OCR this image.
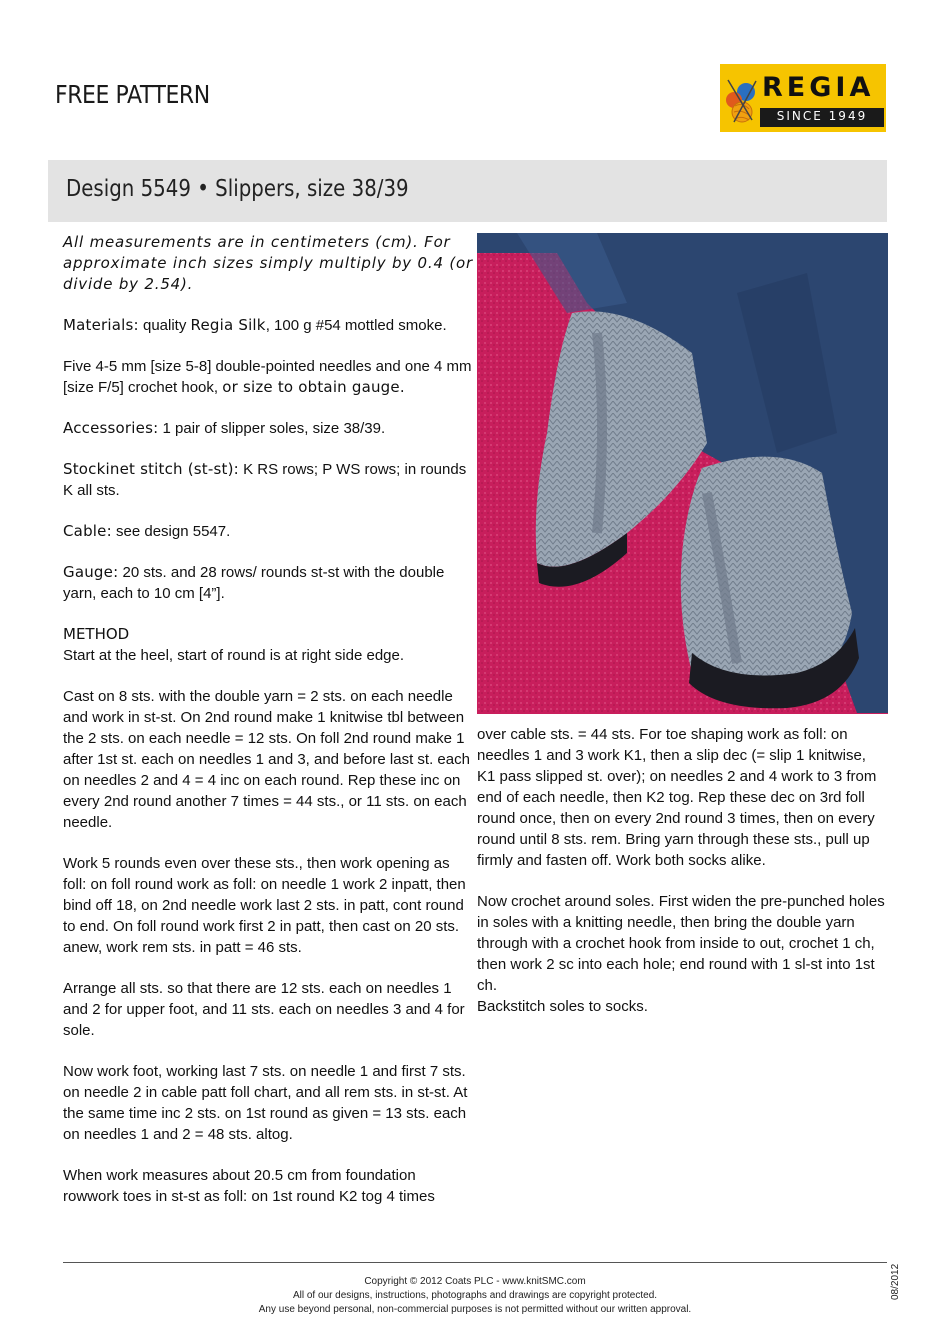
FREE PATTERN	REGIA
SINCE 1949
Design 5549 • Slippers, size 38/39

All measurements are in centimeters (cm). For approximate inch sizes simply multiply by 0.4 (or divide by 2.54).

Materials: quality Regia Silk, 100 g #54 mottled smoke.

Five 4-5 mm [size 5-8] double-pointed needles and one 4 mm [size F/5] crochet hook, or size to obtain gauge.

Accessories: 1 pair of slipper soles, size 38/39.

Stockinet stitch (st-st): K RS rows; P WS rows; in rounds K all sts.

Cable: see design 5547.

Gauge: 20 sts. and 28 rows/ rounds st-st with the double yarn, each to 10 cm [4”].

METHOD
Start at the heel, start of round is at right side edge.

Cast on 8 sts. with the double yarn = 2 sts. on each needle and work in st-st. On 2nd round make 1 knitwise tbl between the 2 sts. on each needle = 12 sts. On foll 2nd round make 1 after 1st st. each on needles 1 and 3, and before last st. each on needles 2 and 4 = 4 inc on each round. Rep these inc on every 2nd round another 7 times = 44 sts., or 11 sts. on each needle.

Work 5 rounds even over these sts., then work opening as foll: on foll round work as foll: on needle 1 work 2 inpatt, then bind off 18, on 2nd needle work last 2 sts. in patt, cont round to end. On foll round work first 2 in patt, then cast on 20 sts. anew, work rem sts. in patt = 46 sts.

Arrange all sts. so that there are 12 sts. each on needles 1 and 2 for upper foot, and 11 sts. each on needles 3 and 4 for sole.

Now work foot, working last 7 sts. on needle 1 and first 7 sts. on needle 2 in cable patt foll chart, and all rem sts. in st-st. At the same time inc 2 sts. on 1st round as given = 13 sts. each on needles 1 and 2 = 48 sts. altog.

When work measures about 20.5 cm from foundation rowwork toes in st-st as foll: on 1st round K2 tog 4 times

over cable sts. = 44 sts. For toe shaping work as foll: on needles 1 and 3 work K1, then a slip dec (= slip 1 knitwise, K1 pass slipped st. over); on needles 2 and 4 work to 3 from end of each needle, then K2 tog. Rep these dec on 3rd foll round once, then on every 2nd round 3 times, then on every round until 8 sts. rem. Bring yarn through these sts., pull up firmly and fasten off. Work both socks alike.

Now crochet around soles. First widen the pre-punched holes in soles with a knitting needle, then bring the double yarn through with a crochet hook from inside to out, crochet 1 ch, then work 2 sc into each hole; end round with 1 sl-st into 1st ch.

Backstitch soles to socks.

Copyright © 2012 Coats PLC - www.knitSMC.com
All of our designs, instructions, photographs and drawings are copyright protected.
Any use beyond personal, non-commercial purposes is not permitted without our written approval.
08/2012
